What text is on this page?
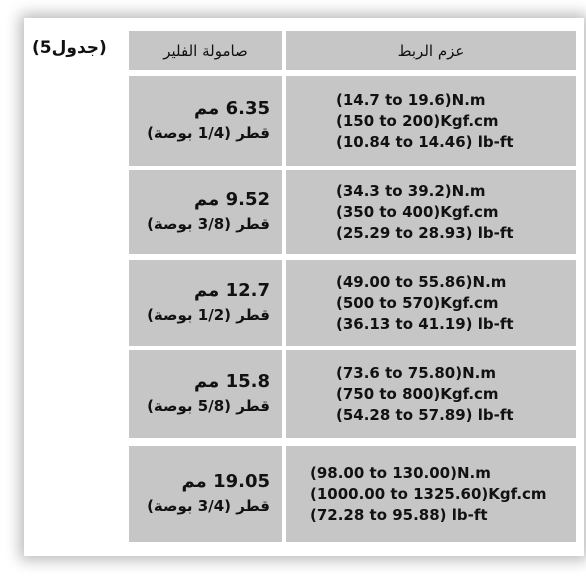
(جدول5)	صامولة الفلير	عزم الربط
6.35 مم
قطر (1/4 بوصة)
(14.7 to 19.6)N.m
(150 to 200)Kgf.cm
(10.84 to 14.46) lb-ft
9.52 مم
قطر (3/8 بوصة)
(34.3 to 39.2)N.m
(350 to 400)Kgf.cm
(25.29 to 28.93) lb-ft
12.7 مم
قطر (1/2 بوصة)
(49.00 to 55.86)N.m
(500 to 570)Kgf.cm
(36.13 to 41.19) lb-ft
15.8 مم
قطر (5/8 بوصة)
(73.6 to 75.80)N.m
(750 to 800)Kgf.cm
(54.28 to 57.89) lb-ft
19.05 مم
قطر (3/4 بوصة)
(98.00 to 130.00)N.m
(1000.00 to 1325.60)Kgf.cm
(72.28 to 95.88) lb-ft
